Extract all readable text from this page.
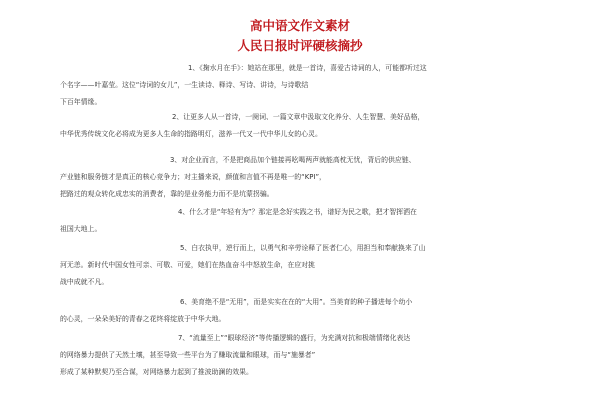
高中语文作文素材
人民日报时评硬核摘抄
1、《掬水月在手》：她站在那里，就是一首诗，喜爱古诗词的人，可能都听过这
个名字——叶嘉莹。这位“诗词的女儿”，一生读诗、释诗、写诗、讲诗，与诗歌结
下百年情缘。
2、让更多人从一首诗，一阕词、一篇文章中汲取文化养分、人生智慧、美好品格，
中华优秀传统文化必将成为更多人生命的指路明灯，滋养一代又一代中华儿女的心灵。
3、对企业而言，不是把商品加个链接再吆喝两声就能高枕无忧，背后的供应链、
产业链和服务链才是真正的核心竞争力；对主播来说，颜值和言值不再是唯一的“KPI”，
把路过的观众转化成忠实的消费者，靠的是业务能力而不是坑蒙拐骗。
4、什么才是“年轻有为”？那定是念好实践之书，谱好为民之歌，把才智挥洒在
祖国大地上。
5、白衣执甲，逆行而上，以勇气和辛劳诠释了医者仁心，用担当和奉献换来了山
河无恙。新时代中国女性可亲、可敬、可爱，她们在热血奋斗中怒放生命，在应对挑
战中成就不凡。
6、美育绝不是“无用”，而是实实在在的“大用”。当美育的种子播进每个幼小
的心灵，一朵朵美好的青春之花终将绽放于中华大地。
7、“流量至上”“眼球经济”等传播逻辑的盛行，为充满对抗和极端情绪化表达
的网络暴力提供了天然土壤，甚至导致一些平台为了赚取流量和眼球，而与“施暴者”
形成了某种默契乃至合谋，对网络暴力起到了推波助澜的效果。
